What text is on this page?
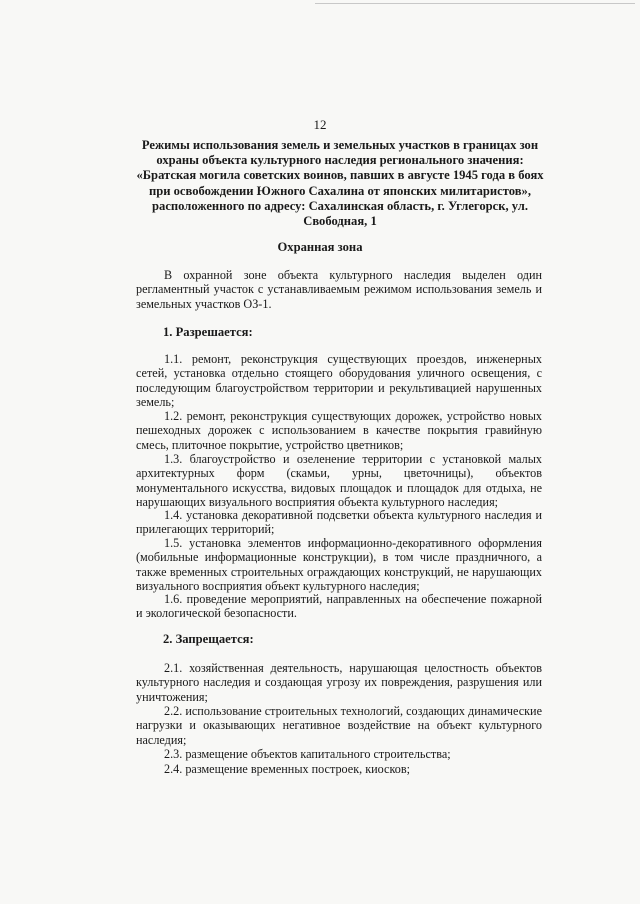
12
Режимы использования земель и земельных участков в границах зон
охраны объекта культурного наследия регионального значения:
«Братская могила советских воинов, павших в августе 1945 года в боях
при освобождении Южного Сахалина от японских милитаристов»,
расположенного по адресу: Сахалинская область, г. Углегорск, ул.
Свободная, 1
Охранная зона
В охранной зоне объекта культурного наследия выделен один регламентный участок с устанавливаемым режимом использования земель и земельных участков ОЗ-1.
1. Разрешается:
1.1. ремонт, реконструкция существующих проездов, инженерных сетей, установка отдельно стоящего оборудования уличного освещения, с последующим благоустройством территории и рекультивацией нарушенных земель;
1.2. ремонт, реконструкция существующих дорожек, устройство новых пешеходных дорожек с использованием в качестве покрытия гравийную смесь, плиточное покрытие, устройство цветников;
1.3. благоустройство и озеленение территории с установкой малых архитектурных форм (скамьи, урны, цветочницы), объектов монументального искусства, видовых площадок и площадок для отдыха, не нарушающих визуального восприятия объекта культурного наследия;
1.4. установка декоративной подсветки объекта культурного наследия и прилегающих территорий;
1.5. установка элементов информационно-декоративного оформления (мобильные информационные конструкции), в том числе праздничного, а также временных строительных ограждающих конструкций, не нарушающих визуального восприятия объект культурного наследия;
1.6. проведение мероприятий, направленных на обеспечение пожарной и экологической безопасности.
2. Запрещается:
2.1. хозяйственная деятельность, нарушающая целостность объектов культурного наследия и создающая угрозу их повреждения, разрушения или уничтожения;
2.2. использование строительных технологий, создающих динамические нагрузки и оказывающих негативное воздействие на объект культурного наследия;
2.3. размещение объектов капитального строительства;
2.4. размещение временных построек, киосков;
